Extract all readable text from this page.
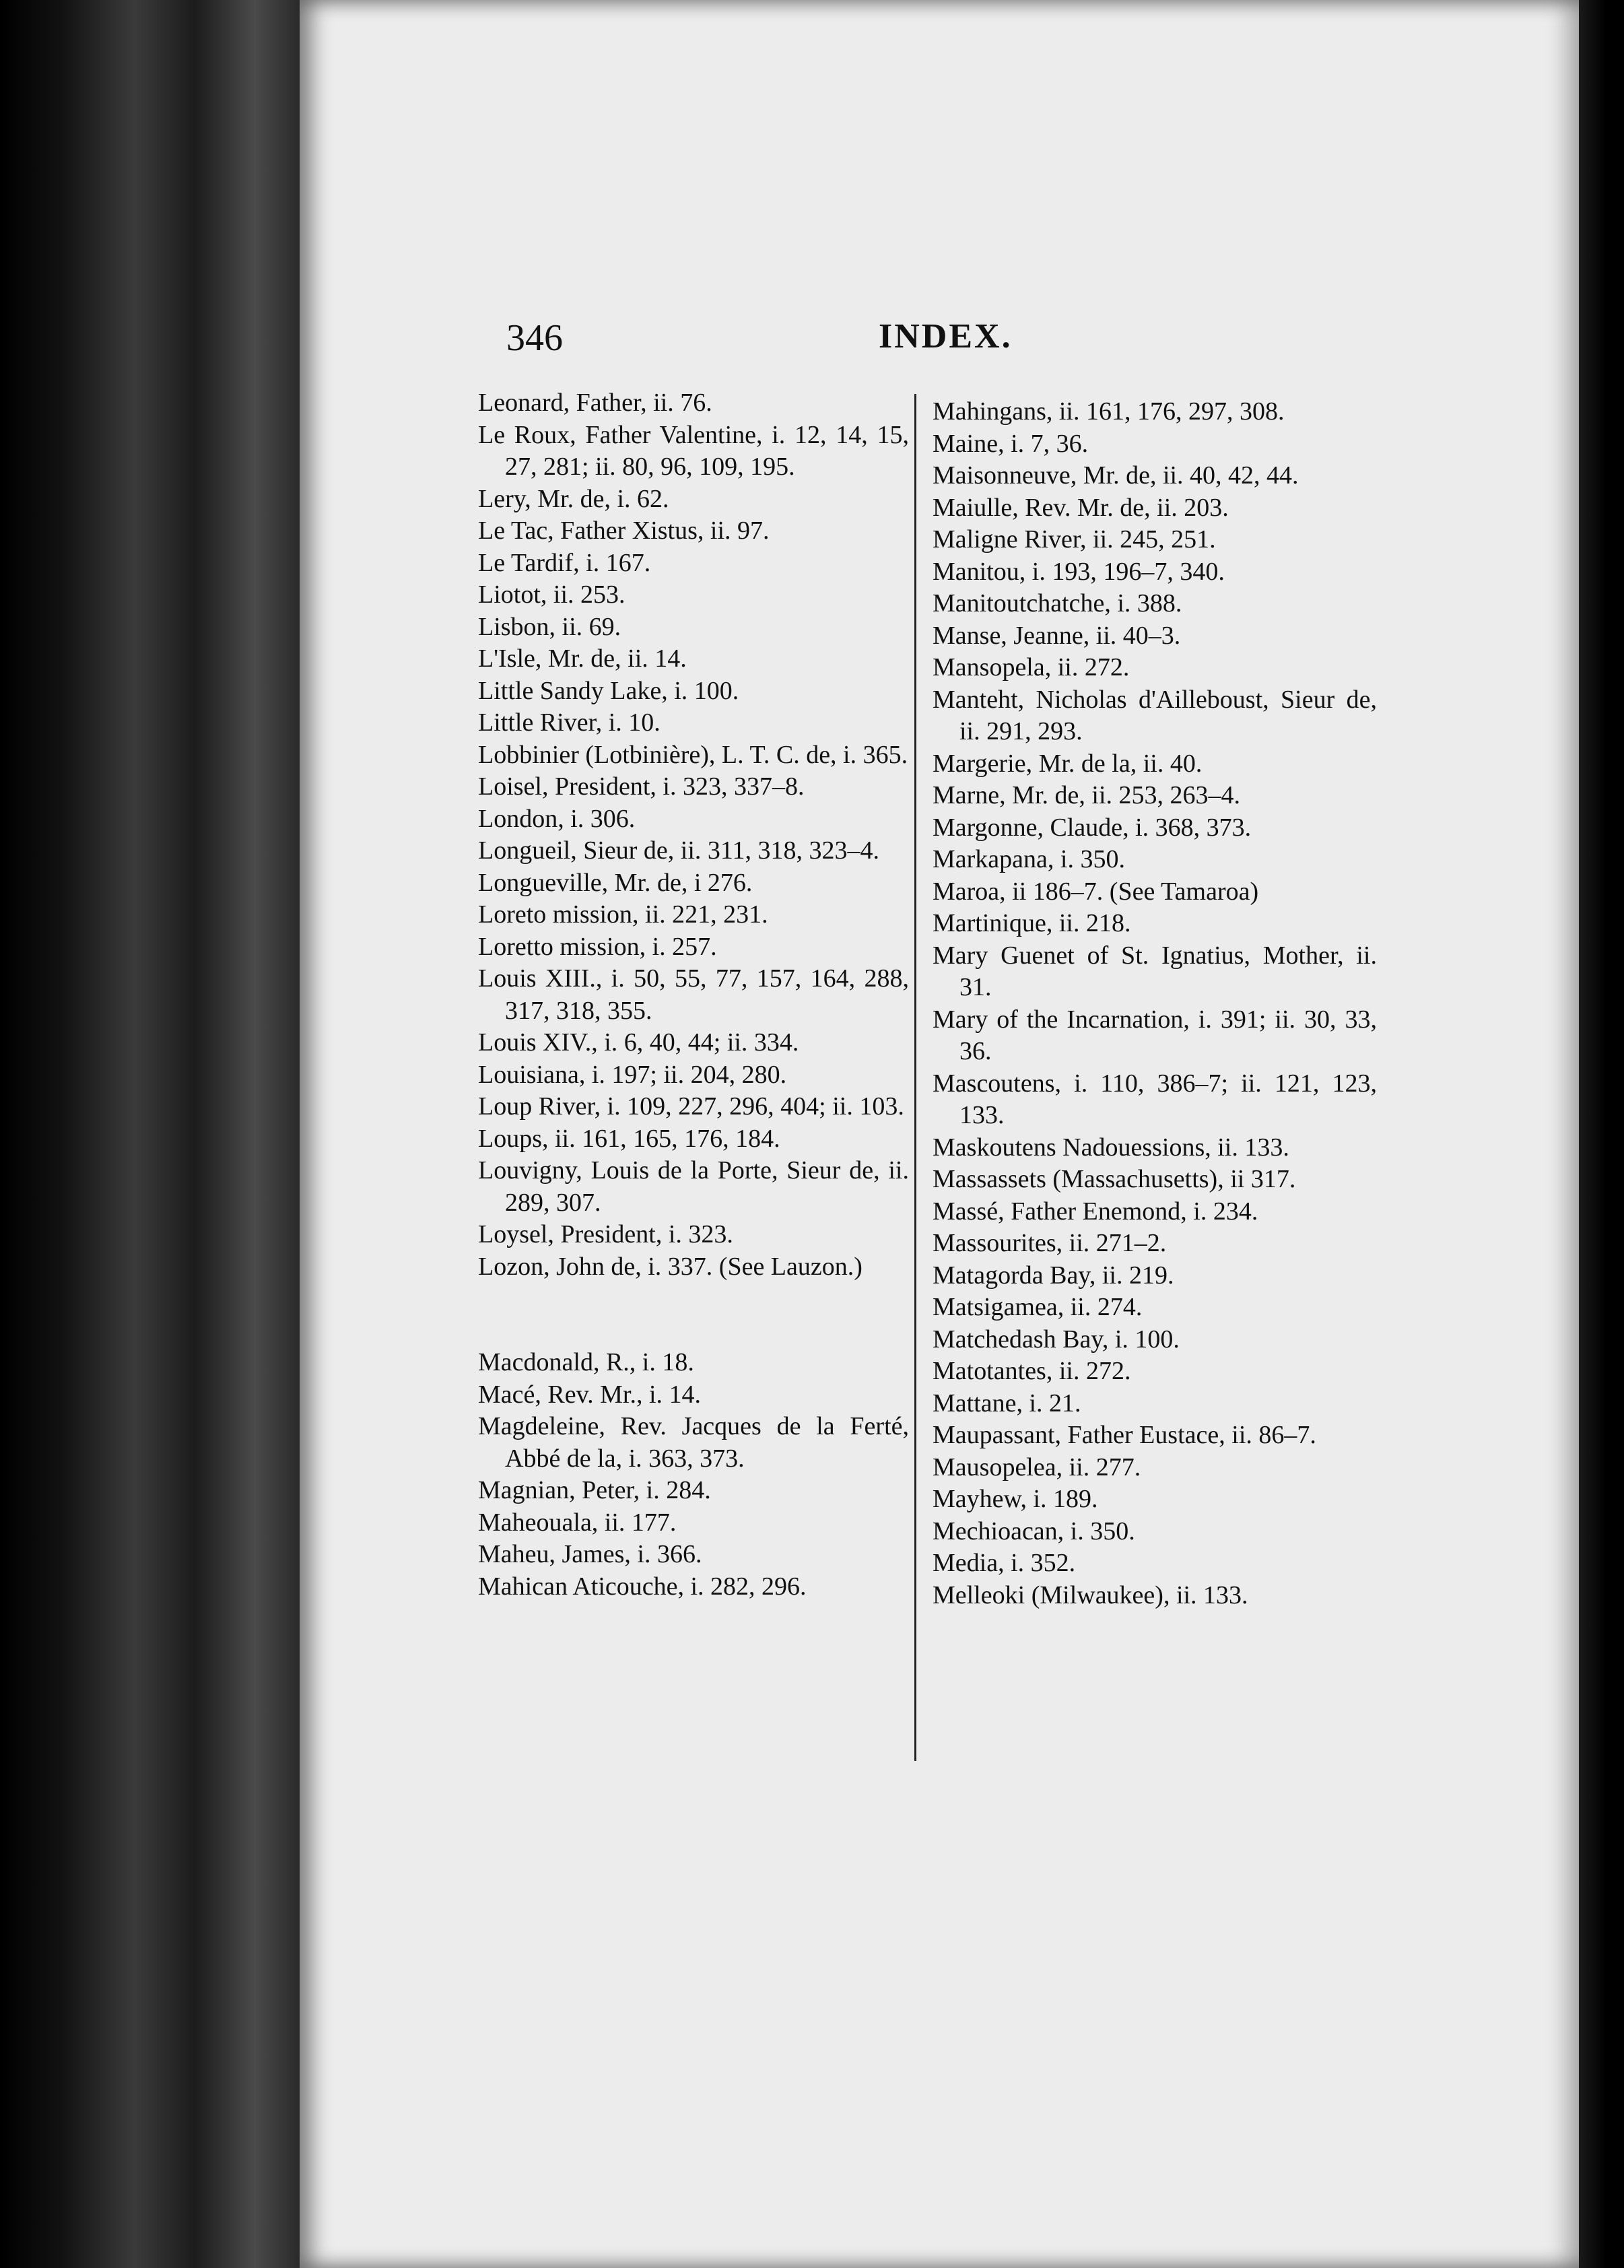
346	INDEX.
Leonard, Father, ii. 76.
Le Roux, Father Valentine, i. 12, 14, 15, 27, 281; ii. 80, 96, 109, 195.
Lery, Mr. de, i. 62.
Le Tac, Father Xistus, ii. 97.
Le Tardif, i. 167.
Liotot, ii. 253.
Lisbon, ii. 69.
L'Isle, Mr. de, ii. 14.
Little Sandy Lake, i. 100.
Little River, i. 10.
Lobbinier (Lotbinière), L. T. C. de, i. 365.
Loisel, President, i. 323, 337–8.
London, i. 306.
Longueil, Sieur de, ii. 311, 318, 323–4.
Longueville, Mr. de, i 276.
Loreto mission, ii. 221, 231.
Loretto mission, i. 257.
Louis XIII., i. 50, 55, 77, 157, 164, 288, 317, 318, 355.
Louis XIV., i. 6, 40, 44; ii. 334.
Louisiana, i. 197; ii. 204, 280.
Loup River, i. 109, 227, 296, 404; ii. 103.
Loups, ii. 161, 165, 176, 184.
Louvigny, Louis de la Porte, Sieur de, ii. 289, 307.
Loysel, President, i. 323.
Lozon, John de, i. 337. (See Lauzon.)
Macdonald, R., i. 18.
Macé, Rev. Mr., i. 14.
Magdeleine, Rev. Jacques de la Ferté, Abbé de la, i. 363, 373.
Magnian, Peter, i. 284.
Maheouala, ii. 177.
Maheu, James, i. 366.
Mahican Aticouche, i. 282, 296.
Mahingans, ii. 161, 176, 297, 308.
Maine, i. 7, 36.
Maisonneuve, Mr. de, ii. 40, 42, 44.
Maiulle, Rev. Mr. de, ii. 203.
Maligne River, ii. 245, 251.
Manitou, i. 193, 196–7, 340.
Manitoutchatche, i. 388.
Manse, Jeanne, ii. 40–3.
Mansopela, ii. 272.
Manteht, Nicholas d'Ailleboust, Sieur de, ii. 291, 293.
Margerie, Mr. de la, ii. 40.
Marne, Mr. de, ii. 253, 263–4.
Margonne, Claude, i. 368, 373.
Markapana, i. 350.
Maroa, ii 186–7. (See Tamaroa)
Martinique, ii. 218.
Mary Guenet of St. Ignatius, Mother, ii. 31.
Mary of the Incarnation, i. 391; ii. 30, 33, 36.
Mascoutens, i. 110, 386–7; ii. 121, 123, 133.
Maskoutens Nadouessions, ii. 133.
Massassets (Massachusetts), ii 317.
Massé, Father Enemond, i. 234.
Massourites, ii. 271–2.
Matagorda Bay, ii. 219.
Matsigamea, ii. 274.
Matchedash Bay, i. 100.
Matotantes, ii. 272.
Mattane, i. 21.
Maupassant, Father Eustace, ii. 86–7.
Mausopelea, ii. 277.
Mayhew, i. 189.
Mechioacan, i. 350.
Media, i. 352.
Melleoki (Milwaukee), ii. 133.
